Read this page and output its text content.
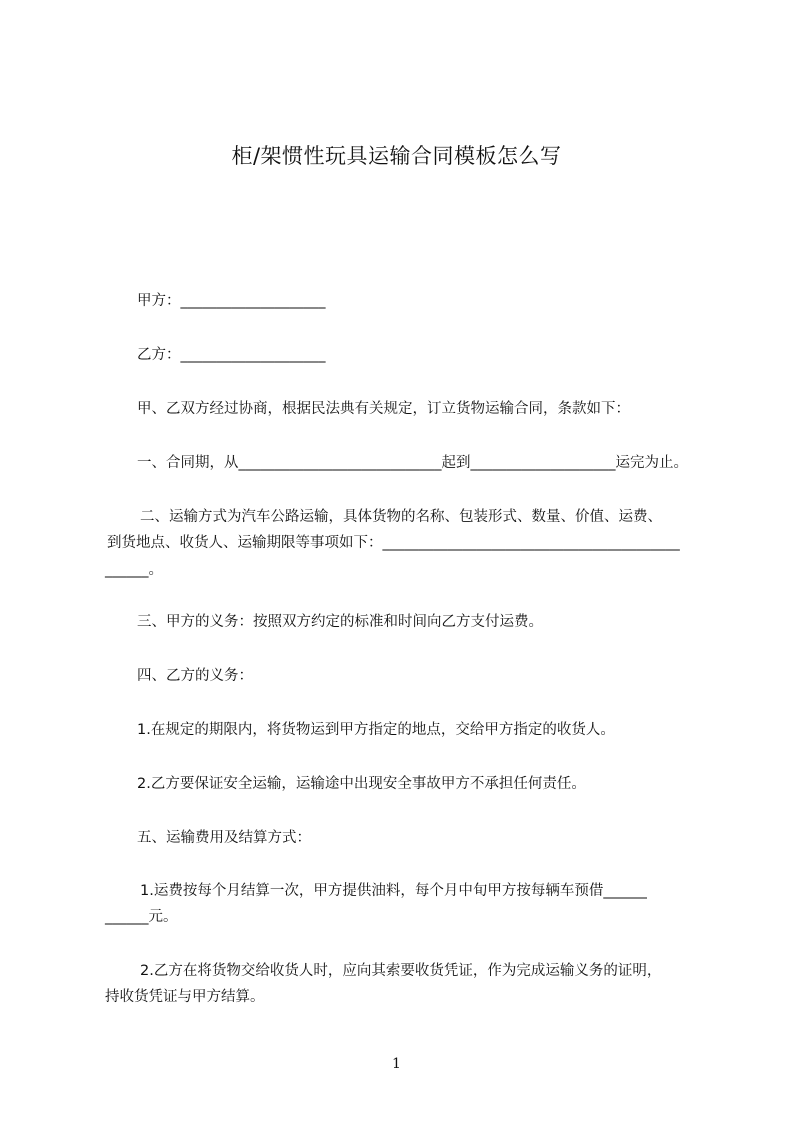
柜/架惯性玩具运输合同模板怎么写
甲方：____________________
乙方：____________________
甲、乙双方经过协商，根据民法典有关规定，订立货物运输合同，条款如下：
一、合同期，从____________________________起到____________________运完为止。
二、运输方式为汽车公路运输，具体货物的名称、包装形式、数量、价值、运费、
到货地点、收货人、运输期限等事项如下：_________________________________________
______。
三、甲方的义务：按照双方约定的标准和时间向乙方支付运费。
四、乙方的义务：
1.在规定的期限内，将货物运到甲方指定的地点，交给甲方指定的收货人。
2.乙方要保证安全运输，运输途中出现安全事故甲方不承担任何责任。
五、运输费用及结算方式：
1.运费按每个月结算一次，甲方提供油料，每个月中旬甲方按每辆车预借______
______元。
2.乙方在将货物交给收货人时，应向其索要收货凭证，作为完成运输义务的证明，
持收货凭证与甲方结算。
1
